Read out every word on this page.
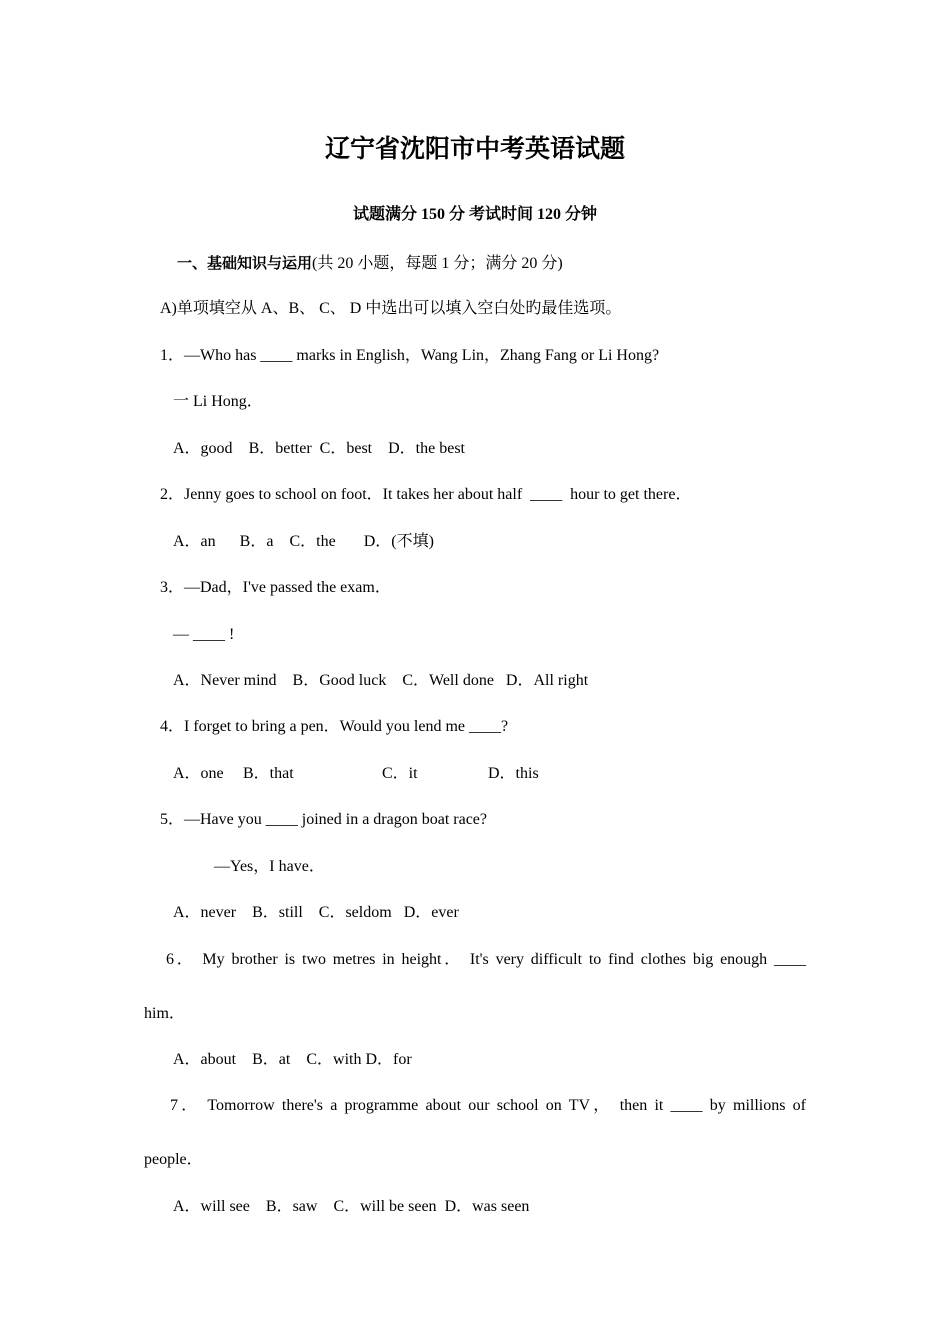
辽宁省沈阳市中考英语试题
试题满分 150 分 考试时间 120 分钟
一、基础知识与运用(共 20 小题，每题 1 分；满分 20 分)
A)单项填空从 A、B、 C、 D 中选出可以填入空白处旳最佳选项。
1．—Who has ____ marks in English，Wang Lin，Zhang Fang or Li Hong?
一 Li Hong．
A．good B．better C．best D．the best
2．Jenny goes to school on foot．It takes her about half  ____  hour to get there．
A．an B．a C．the D．(不填)
3．—Dad，I've passed the exam．
— ____ !
A．Never mind B．Good luck C．Well done D．All right
4．I forget to bring a pen．Would you lend me ____?
A．one B．that	C．it	D．this
5．—Have you ____ joined in a dragon boat race?
—Yes，I have．
A．never B．still C．seldom D．ever
6． My brother is two metres in height． It's very difficult to find clothes big enough ____
him．
A．about B．at C．with D．for
7． Tomorrow there's a programme about our school on TV， then it ____ by millions of
people．
A．will see B．saw C．will be seen D．was seen
